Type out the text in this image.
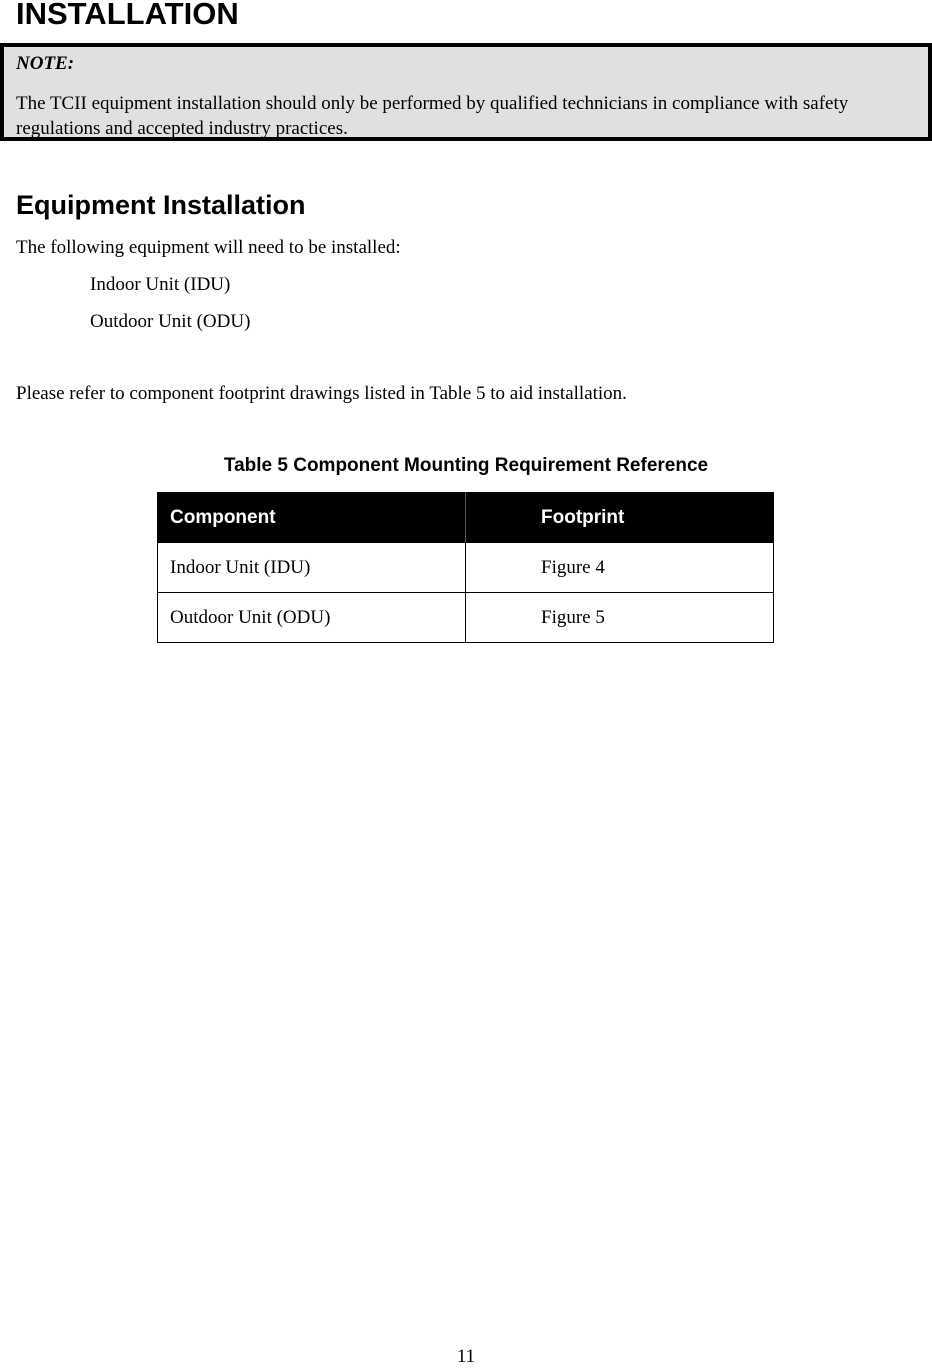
INSTALLATION
NOTE:
The TCII equipment installation should only be performed by qualified technicians in compliance with safety regulations and accepted industry practices.
Equipment Installation

The following equipment will need to be installed:

Indoor Unit (IDU)

Outdoor Unit (ODU)

Please refer to component footprint drawings listed in Table 5 to aid installation.

Table 5 Component Mounting Requirement Reference
Component	Footprint
Indoor Unit (IDU)	Figure 4
Outdoor Unit (ODU)	Figure 5
11
